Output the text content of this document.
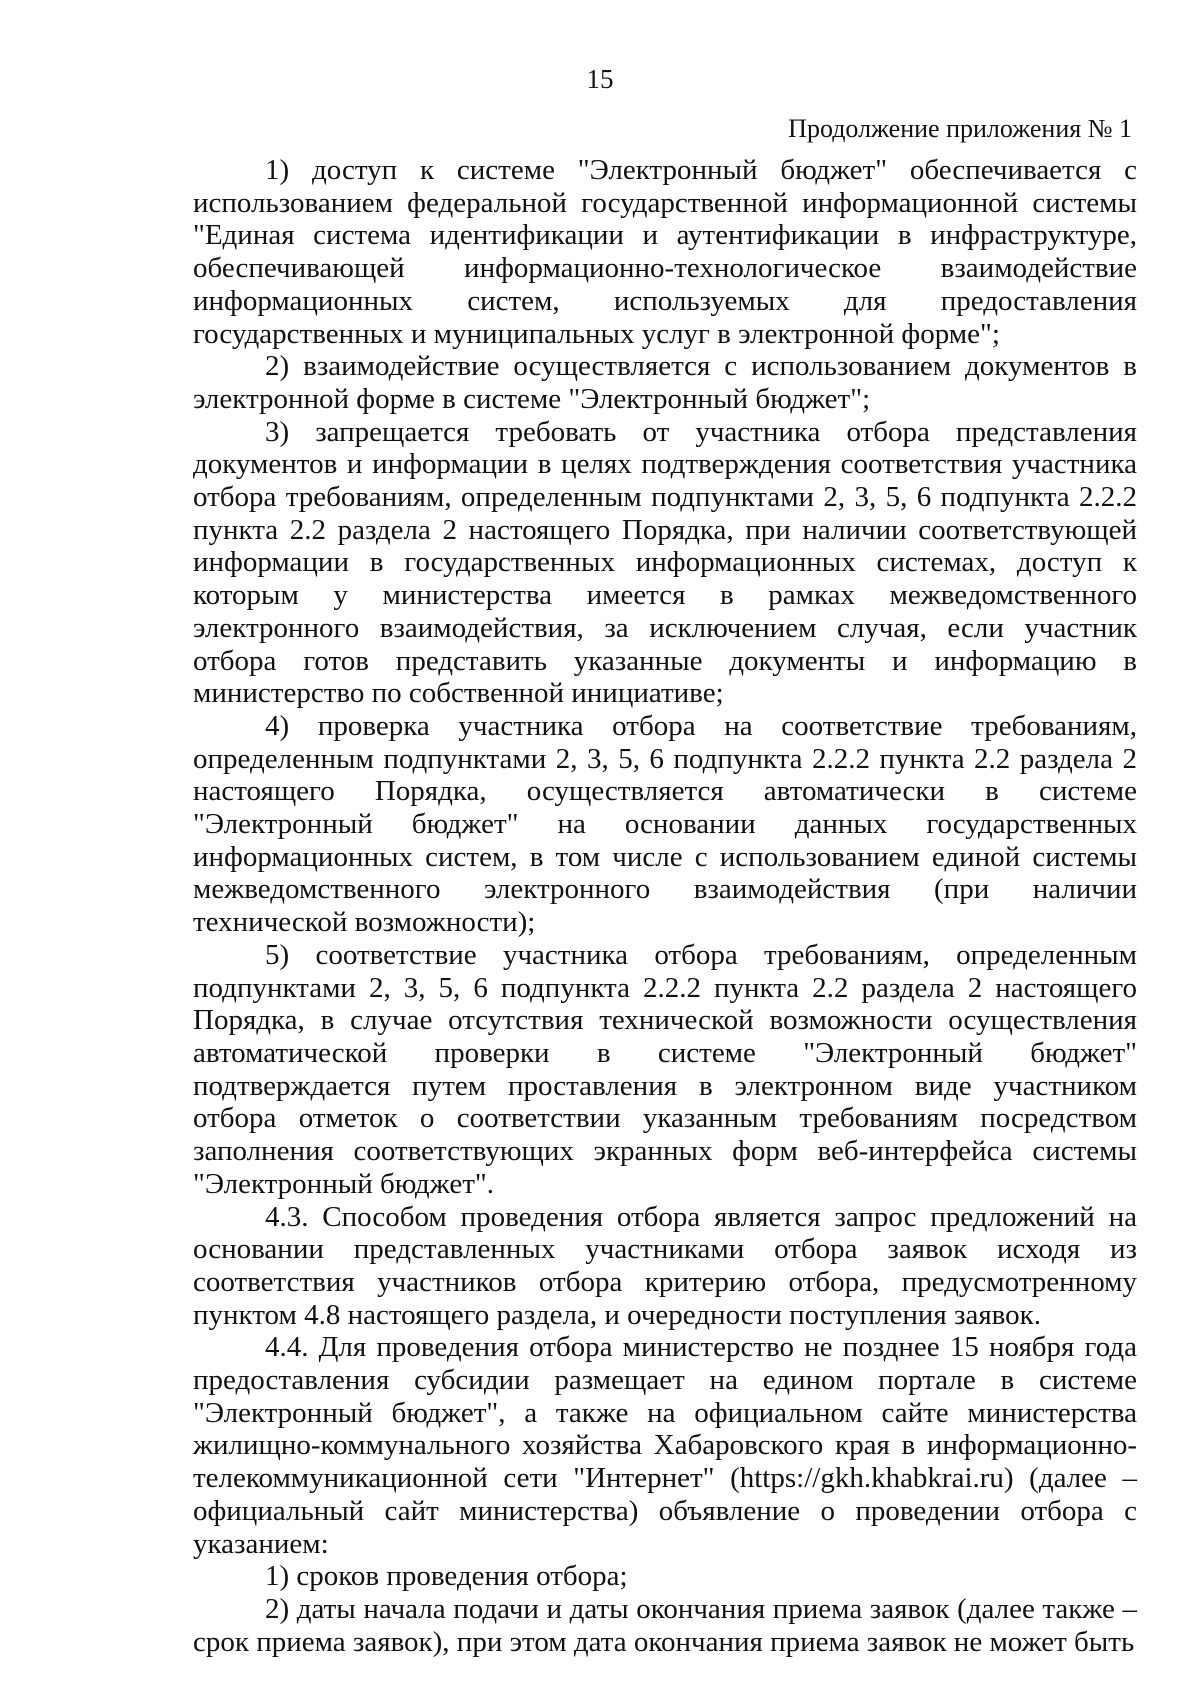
15
Продолжение приложения № 1

1) доступ к системе "Электронный бюджет" обеспечивается с использованием федеральной государственной информационной системы "Единая система идентификации и аутентификации в инфраструктуре, обеспечивающей информационно-технологическое взаимодействие информационных систем, используемых для предоставления государственных и муниципальных услуг в электронной форме";

2) взаимодействие осуществляется с использованием документов в электронной форме в системе "Электронный бюджет";

3) запрещается требовать от участника отбора представления документов и информации в целях подтверждения соответствия участника отбора требованиям, определенным подпунктами 2, 3, 5, 6 подпункта 2.2.2 пункта 2.2 раздела 2 настоящего Порядка, при наличии соответствующей информации в государственных информационных системах, доступ к которым у министерства имеется в рамках межведомственного электронного взаимодействия, за исключением случая, если участник отбора готов представить указанные документы и информацию в министерство по собственной инициативе;

4) проверка участника отбора на соответствие требованиям, определенным подпунктами 2, 3, 5, 6 подпункта 2.2.2 пункта 2.2 раздела 2 настоящего Порядка, осуществляется автоматически в системе "Электронный бюджет" на основании данных государственных информационных систем, в том числе с использованием единой системы межведомственного электронного взаимодействия (при наличии технической возможности);

5) соответствие участника отбора требованиям, определенным подпунктами 2, 3, 5, 6 подпункта 2.2.2 пункта 2.2 раздела 2 настоящего Порядка, в случае отсутствия технической возможности осуществления автоматической проверки в системе "Электронный бюджет" подтверждается путем проставления в электронном виде участником отбора отметок о соответствии указанным требованиям посредством заполнения соответствующих экранных форм веб-интерфейса системы "Электронный бюджет".

4.3. Способом проведения отбора является запрос предложений на основании представленных участниками отбора заявок исходя из соответствия участников отбора критерию отбора, предусмотренному пунктом 4.8 настоящего раздела, и очередности поступления заявок.

4.4. Для проведения отбора министерство не позднее 15 ноября года предоставления субсидии размещает на едином портале в системе "Электронный бюджет", а также на официальном сайте министерства жилищно-коммунального хозяйства Хабаровского края в информационно-телекоммуникационной сети "Интернет" (https://gkh.khabkrai.ru) (далее – официальный сайт министерства) объявление о проведении отбора с указанием:

1) сроков проведения отбора;

2) даты начала подачи и даты окончания приема заявок (далее также – срок приема заявок), при этом дата окончания приема заявок не может быть
